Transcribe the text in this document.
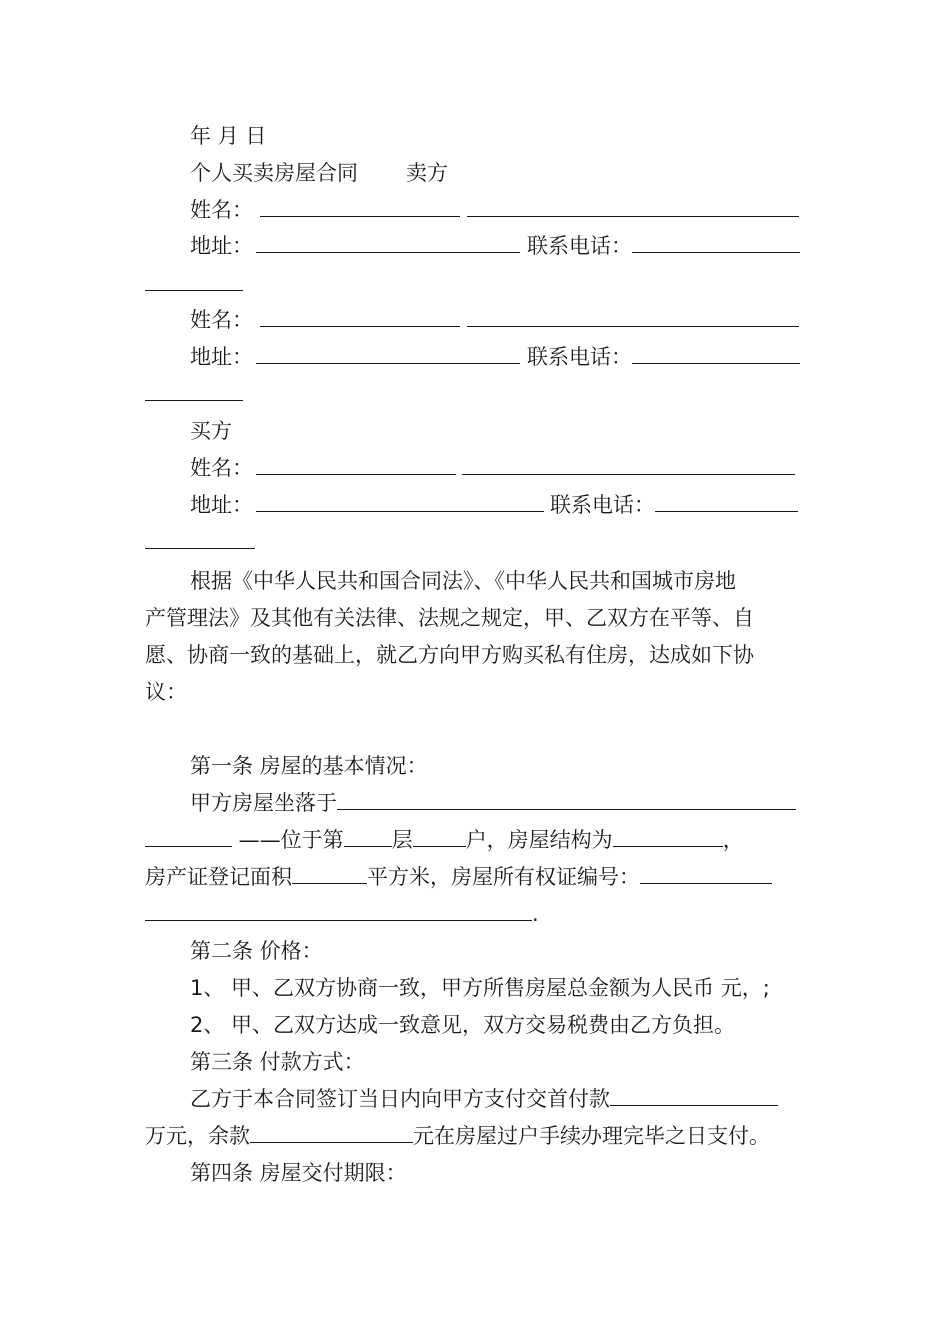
年 月 日
个人买卖房屋合同 卖方
姓名：
地址：	联系电话：
姓名：
地址：	联系电话：
买方
姓名：
地址：	联系电话：
根据《中华人民共和国合同法》、《中华人民共和国城市房地
产管理法》及其他有关法律、法规之规定，甲、乙双方在平等、自
愿、协商一致的基础上，就乙方向甲方购买私有住房，达成如下协
议：
第一条 房屋的基本情况：
甲方房屋坐落于
——位于第 层	户，房屋结构为	，
房产证登记面积	平方米，房屋所有权证编号：
.
第二条 价格：
1、 甲、乙双方协商一致，甲方所售房屋总金额为人民币 元，;
2、 甲、乙双方达成一致意见，双方交易税费由乙方负担。
第三条 付款方式：
乙方于本合同签订当日内向甲方支付交首付款
万元，余款	元在房屋过户手续办理完毕之日支付。
第四条 房屋交付期限：
